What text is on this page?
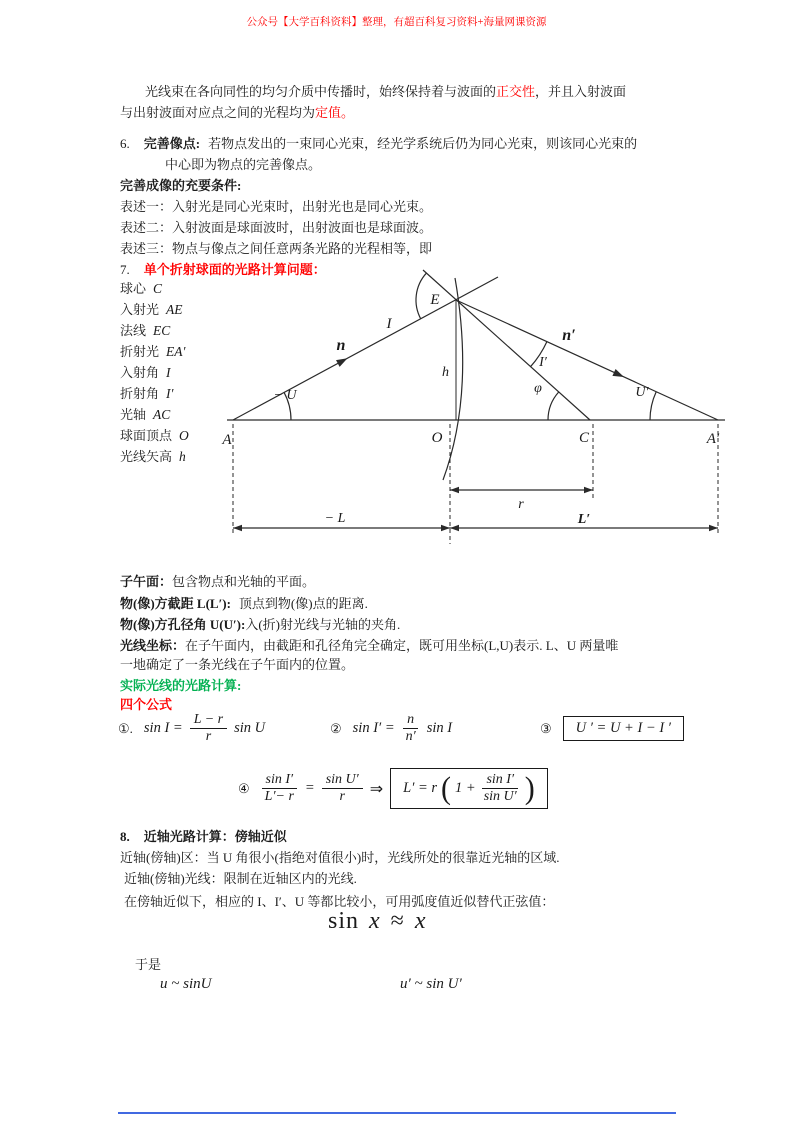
公众号【大学百科资料】整理，有超百科复习资料+海量网课资源
光线束在各向同性的均匀介质中传播时，始终保持着与波面的正交性，并且入射波面
与出射波面对应点之间的光程均为定值。
6. 完善像点: 若物点发出的一束同心光束，经光学系统后仍为同心光束，则该同心光束的
中心即为物点的完善像点。
完善成像的充要条件:
表述一：入射光是同心光束时，出射光也是同心光束。
表述二：入射波面是球面波时，出射波面也是球面波。
表述三：物点与像点之间任意两条光路的光程相等，即
7. 单个折射球面的光路计算问题：
球心 C
入射光 AE
法线 EC
折射光 EA′
入射角 I
折射角 I′
光轴 AC
球面顶点 O
光线矢高 h
E
I
n
n′
h
I′
φ
− U	U′
A	O	C	A′
r
− L	L′
子午面：包含物点和光轴的平面。
物(像)方截距 L(L′): 顶点到物(像)点的距离.
物(像)方孔径角 U(U′):入(折)射光线与光轴的夹角.
光线坐标：在子午面内，由截距和孔径角完全确定，既可用坐标(L,U)表示. L、U 两量唯
一地确定了一条光线在子午面内的位置。
实际光线的光路计算:
四个公式
①. $\sin I = \frac{L - r}{r}$ sin U	② $\sin I' = \frac{n}{n'}$ sin I	③ U ′ = U + I − I ′
④ $\frac{\text{sin I′}}{L'- r} = \frac{\text{sin U′}}{r}$ ⇒ L′ = r ( $1 + \frac{\text{sin I′}}{\text{sin U′}}$ )
8. 近轴光路计算：傍轴近似
近轴(傍轴)区：当 U 角很小(指绝对值很小)时，光线所处的很靠近光轴的区域.
近轴(傍轴)光线：限制在近轴区内的光线.
在傍轴近似下，相应的 I、I′、U 等都比较小，可用弧度值近似替代正弦值：
sin x ≈ x
于是
u ~ sinU	u′ ~ sin U′
